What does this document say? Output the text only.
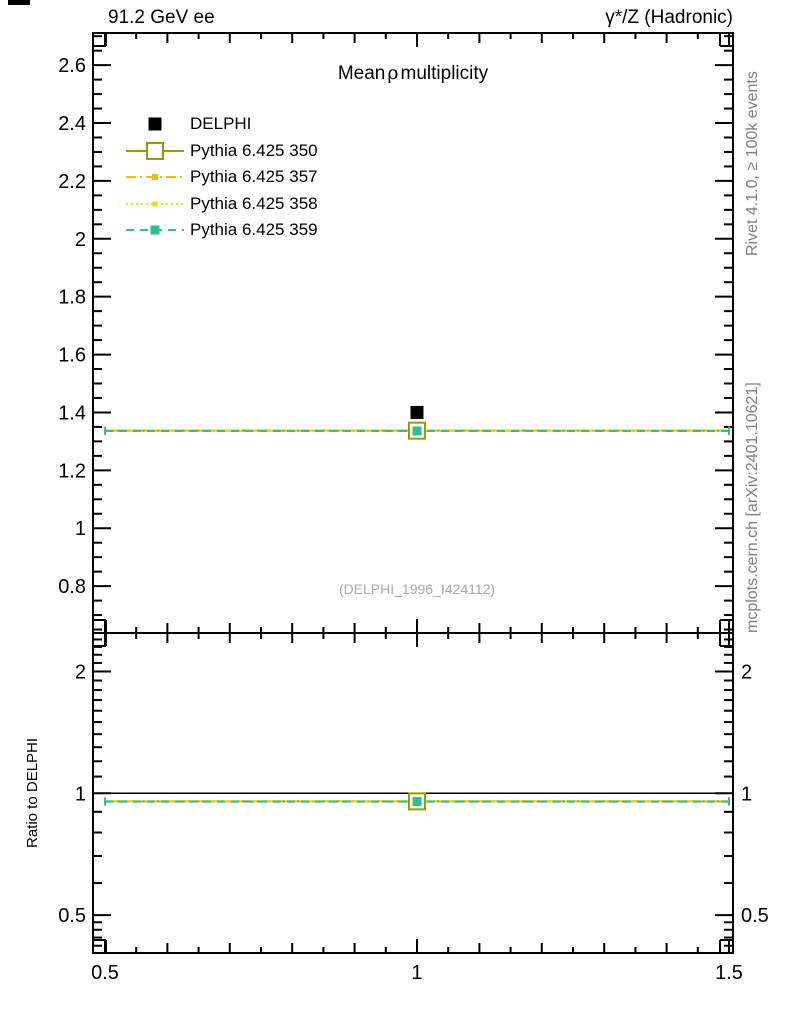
0.8
1
1.2
1.4
1.6
1.8
2
2.2
2.4
2.6
0.5	1	1.5
0.5	0.5
1	1
2	2
91.2 GeV ee	γ*/Z (Hadronic)
Mean ρ multiplicity
DELPHI
Pythia 6.425 350
Pythia 6.425 357
Pythia 6.425 358
Pythia 6.425 359
(DELPHI_1996_I424112)
Rivet 4.1.0, ≥ 100k events
mcplots.cern.ch [arXiv:2401.10621]
Ratio to DELPHI
